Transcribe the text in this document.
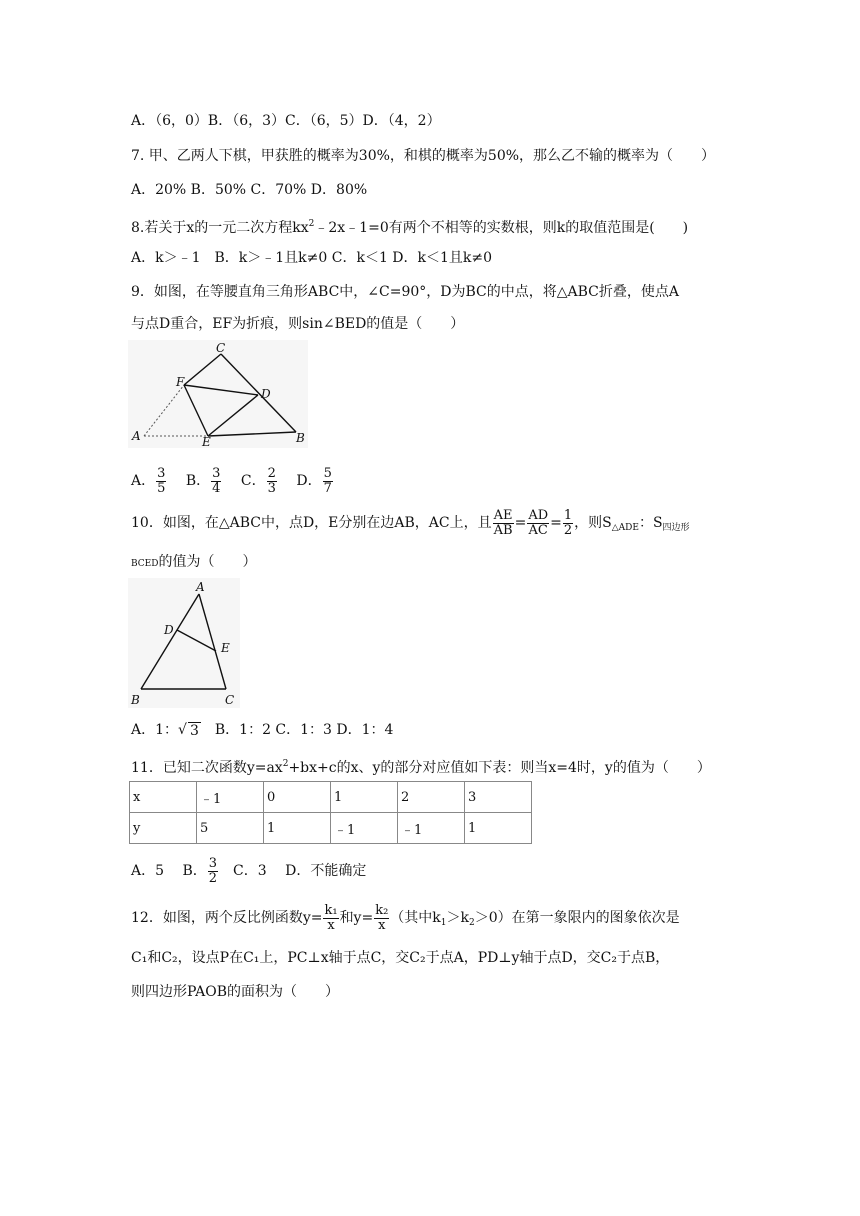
A．（6，0）B．（6，3）C．（6，5）D．（4，2）
7. 甲、乙两人下棋，甲获胜的概率为30%，和棋的概率为50%，那么乙不输的概率为（　　）
A．20% B．50% C．70% D．80%
8.若关于x的一元二次方程$kx^2﹣2x﹣1=0$有两个不相等的实数根，则k的取值范围是(　　)
A．k＞﹣1　B．k＞﹣1且k≠0 C．k＜1 D．k＜1且k≠0
9．如图，在等腰直角三角形ABC中，∠C=90°，D为BC的中点，将△ABC折叠，使点A
与点D重合，EF为折痕，则sin∠BED的值是（　　）
C
F
D
A	E	B
A． $\frac{3}{5}$
  B． $\frac{3}{4}$
  C． $\frac{2}{3}$
  D． $\frac{5}{7}$
10．如图，在△ABC中，点D，E分别在边AB，AC上，且 $\frac{AE}{AB} = \frac{AD}{AC} = \frac{1}{2}$ ，则$S_{\triangle ADE}$：$S_{四边形}$
BCED的值为（　　）
A
D
E
B	C
A．1：√ 3　B．1：2 C．1：3 D．1：4
11．已知二次函数$y=ax^2+bx+c$的x、y的部分对应值如下表：则当x=4时，y的值为（　　）
x	﹣1	0	1	2	3
y	5	1	﹣1	﹣1	1
A．5　 B． $\frac{3}{2}$ 　C．3　 D．不能确定
12．如图，两个反比例函数$y= \frac{\text{k₁}}{x}$ 和$y= \frac{\text{k₂}}{x}$ （其中$k_1>k_2>0$）在第一象限内的图象依次是
C₁和C₂，设点P在C₁上，PC⊥x轴于点C，交C₂于点A，PD⊥y轴于点D，交C₂于点B，
则四边形PAOB的面积为（　　）
